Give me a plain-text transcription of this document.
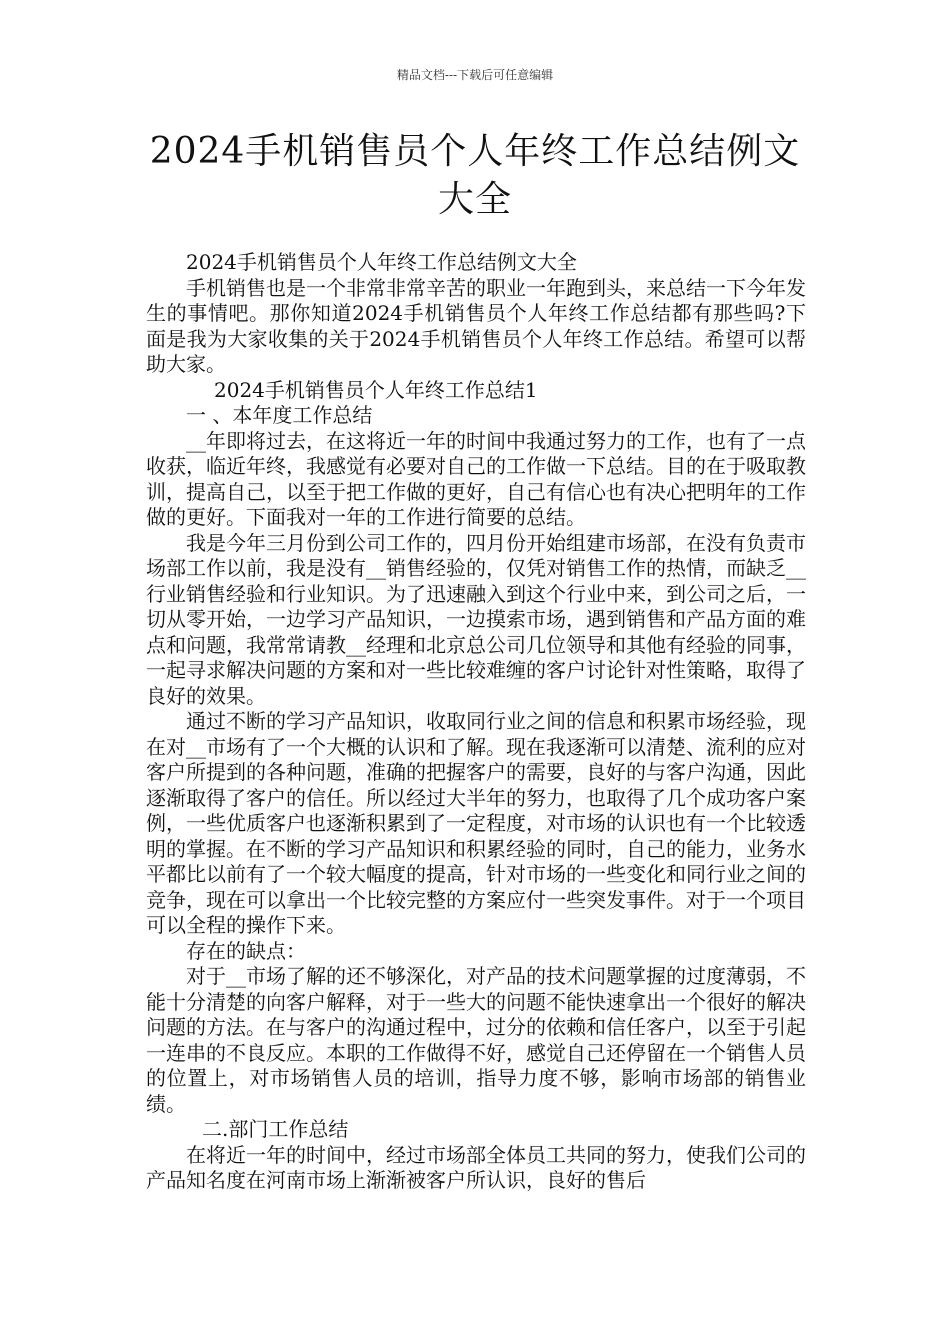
精品文档---下载后可任意编辑
2024手机销售员个人年终工作总结例文大全

2024手机销售员个人年终工作总结例文大全

手机销售也是一个非常非常辛苦的职业一年跑到头，来总结一下今年发生的事情吧。那你知道2024手机销售员个人年终工作总结都有那些吗?下面是我为大家收集的关于2024手机销售员个人年终工作总结。希望可以帮助大家。

2024手机销售员个人年终工作总结1

一 、本年度工作总结

__年即将过去，在这将近一年的时间中我通过努力的工作，也有了一点收获，临近年终，我感觉有必要对自己的工作做一下总结。目的在于吸取教训，提高自己，以至于把工作做的更好，自己有信心也有决心把明年的工作做的更好。下面我对一年的工作进行简要的总结。

我是今年三月份到公司工作的，四月份开始组建市场部，在没有负责市场部工作以前，我是没有__销售经验的，仅凭对销售工作的热情，而缺乏__行业销售经验和行业知识。为了迅速融入到这个行业中来，到公司之后，一切从零开始，一边学习产品知识，一边摸索市场，遇到销售和产品方面的难点和问题，我常常请教__经理和北京总公司几位领导和其他有经验的同事，一起寻求解决问题的方案和对一些比较难缠的客户讨论针对性策略，取得了良好的效果。

通过不断的学习产品知识，收取同行业之间的信息和积累市场经验，现在对__市场有了一个大概的认识和了解。现在我逐渐可以清楚、流利的应对客户所提到的各种问题，准确的把握客户的需要，良好的与客户沟通，因此逐渐取得了客户的信任。所以经过大半年的努力，也取得了几个成功客户案例，一些优质客户也逐渐积累到了一定程度，对市场的认识也有一个比较透明的掌握。在不断的学习产品知识和积累经验的同时，自己的能力，业务水平都比以前有了一个较大幅度的提高，针对市场的一些变化和同行业之间的竞争，现在可以拿出一个比较完整的方案应付一些突发事件。对于一个项目可以全程的操作下来。

存在的缺点：

对于__市场了解的还不够深化，对产品的技术问题掌握的过度薄弱，不能十分清楚的向客户解释，对于一些大的问题不能快速拿出一个很好的解决问题的方法。在与客户的沟通过程中，过分的依赖和信任客户，以至于引起一连串的不良反应。本职的工作做得不好，感觉自己还停留在一个销售人员的位置上，对市场销售人员的培训，指导力度不够，影响市场部的销售业绩。

二.部门工作总结

在将近一年的时间中，经过市场部全体员工共同的努力，使我们公司的产品知名度在河南市场上渐渐被客户所认识，良好的售后
